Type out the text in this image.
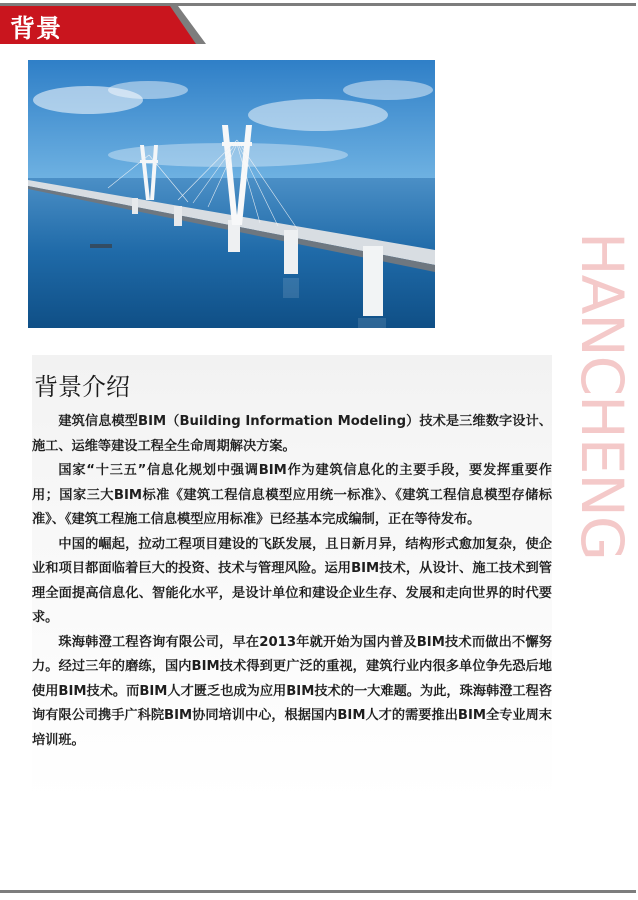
背景
HANCHENG
背景介绍

建筑信息模型BIM（Building Information Modeling）技术是三维数字设计、施工、运维等建设工程全生命周期解决方案。

国家“十三五”信息化规划中强调BIM作为建筑信息化的主要手段，要发挥重要作用；国家三大BIM标准《建筑工程信息模型应用统一标准》、《建筑工程信息模型存储标准》、《建筑工程施工信息模型应用标准》已经基本完成编制，正在等待发布。

中国的崛起，拉动工程项目建设的飞跃发展，且日新月异，结构形式愈加复杂，使企业和项目都面临着巨大的投资、技术与管理风险。运用BIM技术，从设计、施工技术到管理全面提高信息化、智能化水平，是设计单位和建设企业生存、发展和走向世界的时代要求。

珠海韩澄工程咨询有限公司，早在2013年就开始为国内普及BIM技术而做出不懈努力。经过三年的磨练，国内BIM技术得到更广泛的重视，建筑行业内很多单位争先恐后地使用BIM技术。而BIM人才匮乏也成为应用BIM技术的一大难题。为此，珠海韩澄工程咨询有限公司携手广科院BIM协同培训中心，根据国内BIM人才的需要推出BIM全专业周末培训班。
